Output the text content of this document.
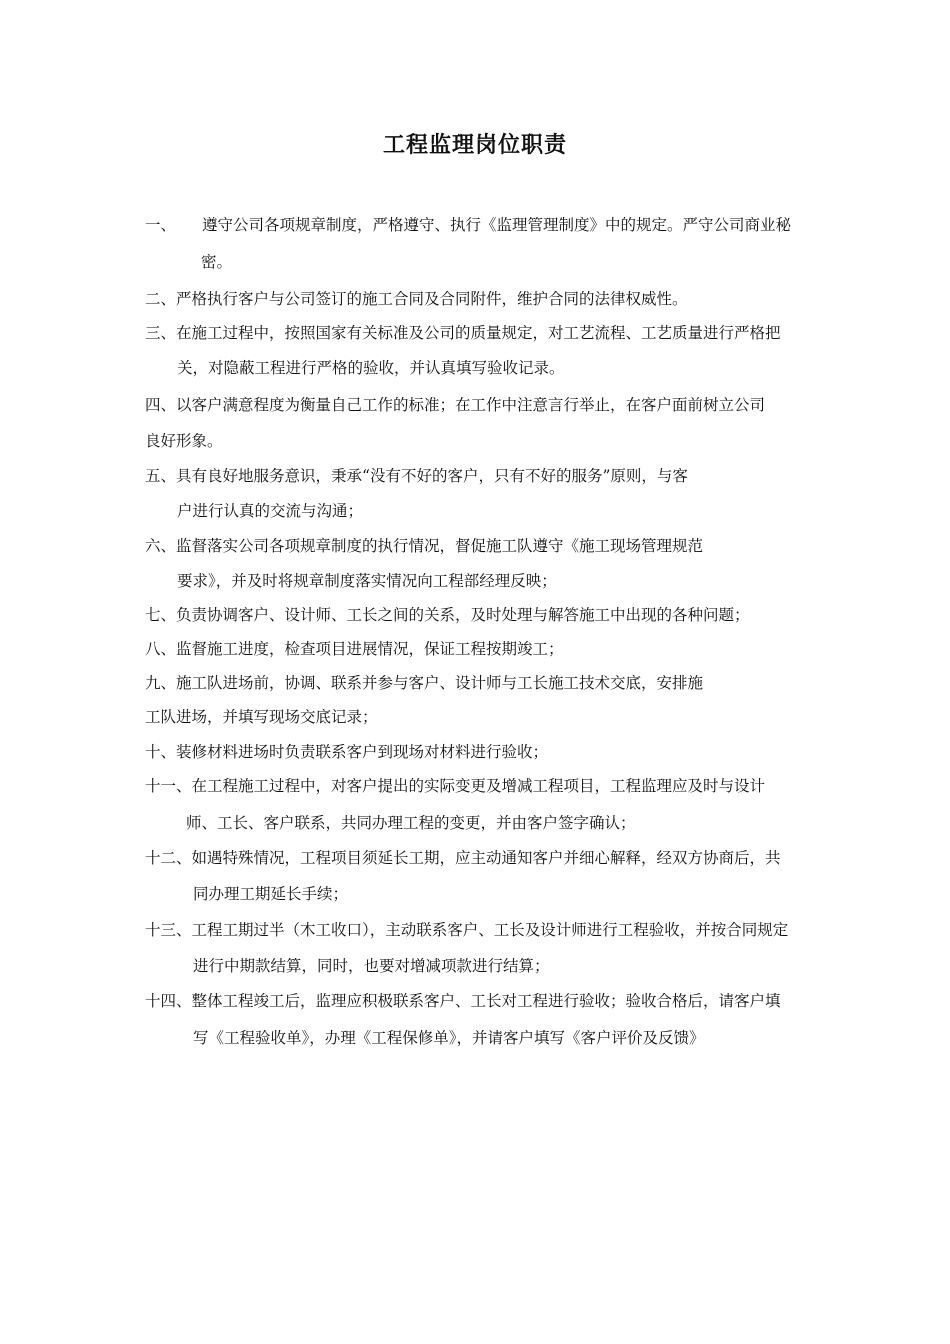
工程监理岗位职责
一、 遵守公司各项规章制度，严格遵守、执行《监理管理制度》中的规定。严守公司商业秘
密。
二、严格执行客户与公司签订的施工合同及合同附件，维护合同的法律权威性。
三、在施工过程中，按照国家有关标准及公司的质量规定，对工艺流程、工艺质量进行严格把
关，对隐蔽工程进行严格的验收，并认真填写验收记录。
四、以客户满意程度为衡量自己工作的标准；在工作中注意言行举止，在客户面前树立公司
良好形象。
五、具有良好地服务意识，秉承“没有不好的客户，只有不好的服务”原则，与客
户进行认真的交流与沟通；
六、监督落实公司各项规章制度的执行情况，督促施工队遵守《施工现场管理规范
要求》，并及时将规章制度落实情况向工程部经理反映；
七、负责协调客户、设计师、工长之间的关系，及时处理与解答施工中出现的各种问题；
八、监督施工进度，检查项目进展情况，保证工程按期竣工；
九、施工队进场前，协调、联系并参与客户、设计师与工长施工技术交底，安排施
工队进场，并填写现场交底记录；
十、装修材料进场时负责联系客户到现场对材料进行验收；
十一、在工程施工过程中，对客户提出的实际变更及增减工程项目，工程监理应及时与设计
师、工长、客户联系，共同办理工程的变更，并由客户签字确认；
十二、如遇特殊情况，工程项目须延长工期，应主动通知客户并细心解释，经双方协商后，共
同办理工期延长手续；
十三、工程工期过半（木工收口），主动联系客户、工长及设计师进行工程验收，并按合同规定
进行中期款结算，同时，也要对增减项款进行结算；
十四、整体工程竣工后，监理应积极联系客户、工长对工程进行验收；验收合格后，请客户填
写《工程验收单》，办理《工程保修单》，并请客户填写《客户评价及反馈》
